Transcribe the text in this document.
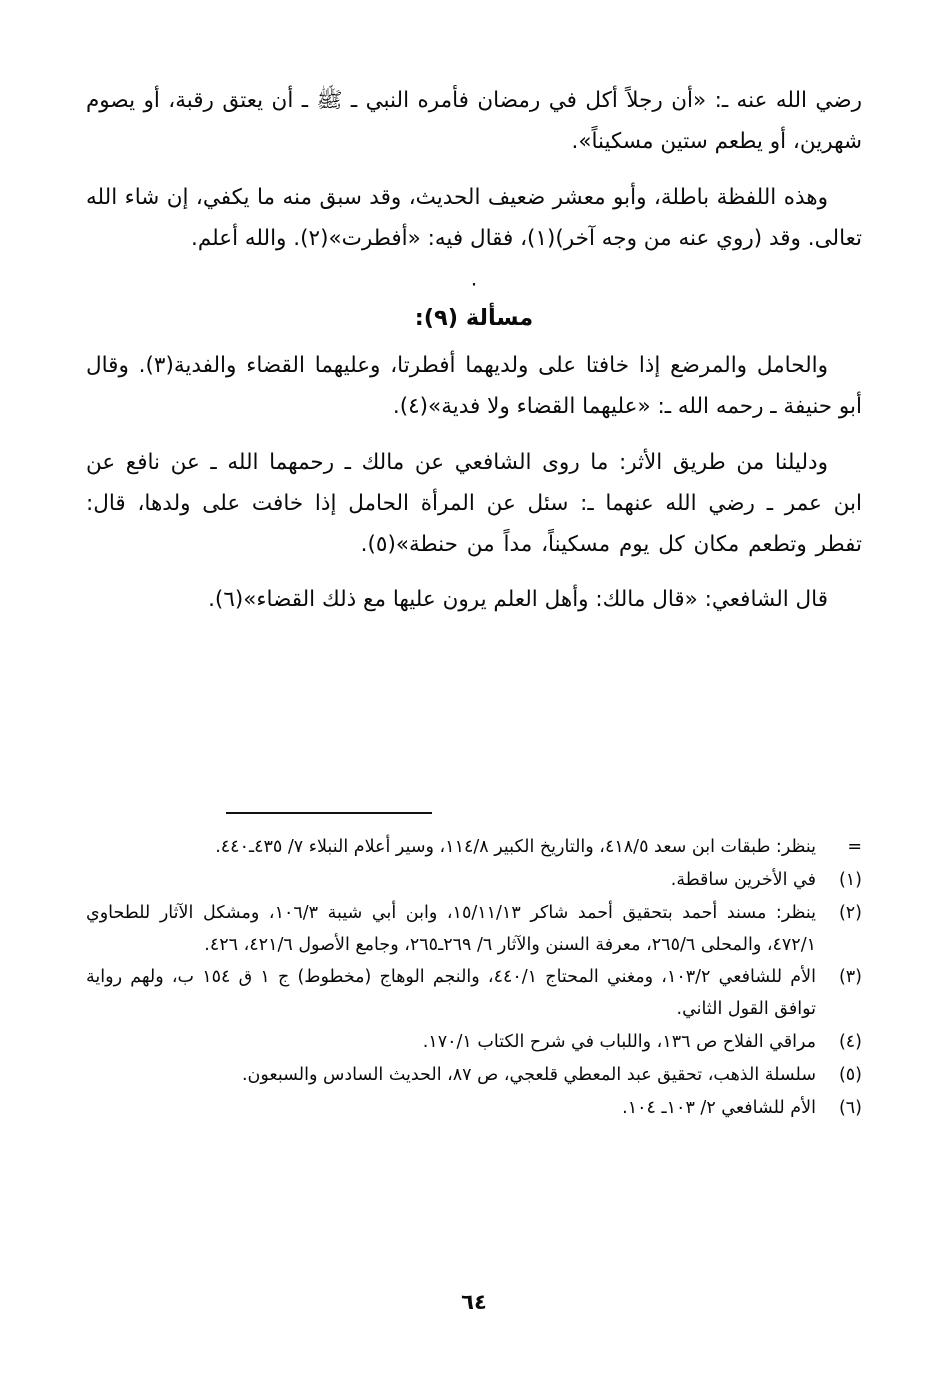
رضي الله عنه ـ: «أن رجلاً أكل في رمضان فأمره النبي ـ ﷺ ـ أن يعتق رقبة، أو يصوم شهرين، أو يطعم ستين مسكيناً».

وهذه اللفظة باطلة، وأبو معشر ضعيف الحديث، وقد سبق منه ما يكفي، إن شاء الله تعالى. وقد (روي عنه من وجه آخر)(١)، فقال فيه: «أفطرت»(٢). والله أعلم.

٠
مسألة (٩):

والحامل والمرضع إذا خافتا على ولديهما أفطرتا، وعليهما القضاء والفدية(٣). وقال أبو حنيفة ـ رحمه الله ـ: «عليهما القضاء ولا فدية»(٤).

ودليلنا من طريق الأثر: ما روى الشافعي عن مالك ـ رحمهما الله ـ عن نافع عن ابن عمر ـ رضي الله عنهما ـ: سئل عن المرأة الحامل إذا خافت على ولدها، قال: تفطر وتطعم مكان كل يوم مسكيناً، مداً من حنطة»(٥).

قال الشافعي: «قال مالك: وأهل العلم يرون عليها مع ذلك القضاء»(٦).

=
ينظر: طبقات ابن سعد ٤١٨/٥، والتاريخ الكبير ١١٤/٨، وسير أعلام النبلاء ٧/ ٤٣٥ـ٤٤٠.
(١)
في الأخرين ساقطة.
(٢)
ينظر: مسند أحمد بتحقيق أحمد شاكر ١٥/١١/١٣، وابن أبي شيبة ١٠٦/٣، ومشكل الآثار للطحاوي ٤٧٢/١، والمحلى ٢٦٥/٦، معرفة السنن والآثار ٦/ ٢٦٩ـ٢٦٥، وجامع الأصول ٤٢١/٦، ٤٢٦.
(٣)
الأم للشافعي ١٠٣/٢، ومغني المحتاج ٤٤٠/١، والنجم الوهاج (مخطوط) ج ١ ق ١٥٤ ب، ولهم رواية توافق القول الثاني.
(٤)
مراقي الفلاح ص ١٣٦، واللباب في شرح الكتاب ١٧٠/١.
(٥)
سلسلة الذهب، تحقيق عبد المعطي قلعجي، ص ٨٧، الحديث السادس والسبعون.
(٦)
الأم للشافعي ٢/ ١٠٣ـ ١٠٤.
٦٤
